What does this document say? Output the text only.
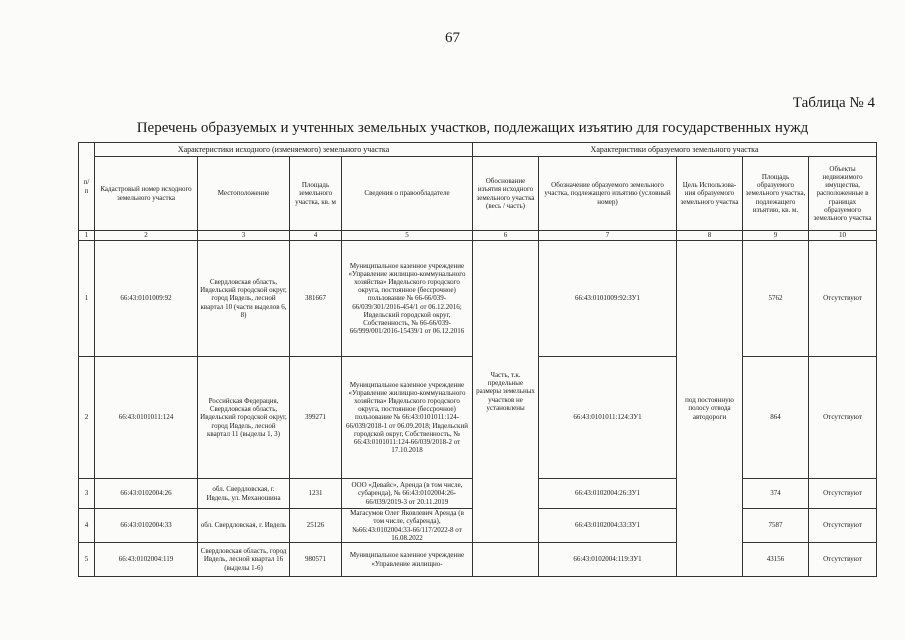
67
Таблица № 4
Перечень образуемых и учтенных земельных участков, подлежащих изъятию для государственных нужд
п/
п	Характеристики исходного (изменяемого) земельного участка				Характеристики образуемого земельного участка				
	Кадастровый номер исходного земельного участка	Местоположение	Площадь земельного участка, кв. м	Сведения о правообладателе	Обоснование изъятия исходного земельного участка (весь / часть)	Обозначение образуемого земельного участка, подлежащего изъятию (условный номер)	Цель Использова- ния образуемого земельного участка	Площадь образуемого земельного участка, подлежащего изъятию, кв. м.	Объекты недвижимого имущества, расположенные в границах образуемого земельного участка
1	2	3	4	5	6	7	8	9	10
1	66:43:0101009:92	Свердловская область, Ивдельский городской округ, город Ивдель, лесной квартал 10 (части выделов 6, 8)	381667	Муниципальное казенное учреждение «Управление жилищно-коммунального хозяйства» Ивдельского городского округа, постоянное (бессрочное) пользование № 66-66/039-66/039/301/2016-454/1 от 06.12.2016; Ивдельский городской округ, Собственность, № 66-66/039-66/999/001/2016-15439/1 от 06.12.2016	Часть, т.к. предельные размеры земельных участков не установлены	66:43:0101009:92:ЗУ1	под постоянную полосу отвода автодороги	5762	Отсутствуют
2	66:43:0101011:124	Российская Федерация, Свердловская область, Ивдельский городской округ, город Ивдель, лесной квартал 11 (выделы 1, 3)	399271	Муниципальное казенное учреждение «Управление жилищно-коммунального хозяйства» Ивдельского городского округа, постоянное (бессрочное) пользование № 66:43:0101011:124-66/039/2018-1 от 06.09.2018; Ивдельский городской округ, Собственность, № 66:43:0101011:124-66/039/2018-2 от 17.10.2018		66:43:0101011:124:ЗУ1		864	Отсутствуют
3	66:43:0102004:26	обл. Свердловская, г. Ивдель, ул. Механошина	1231	ООО «Девайс», Аренда (в том числе, субаренда), № 66:43:0102004:26-66/039/2019-3 от 20.11.2019		66:43:0102004:26:ЗУ1		374	Отсутствуют
4	66:43:0102004:33	обл. Свердловская, г. Ивдель	25126	Магасумов Олег Яковлевич Аренда (в том числе, субаренда), №66:43:0102004:33-66/117/2022-8 от 16.08.2022		66:43:0102004:33:ЗУ1		7587	Отсутствуют
5	66:43:0102004:119	Свердловская область, город Ивдель, лесной квартал 16 (выделы 1-6)	980571	Муниципальное казенное учреждение «Управление жилищно-		66:43:0102004:119:ЗУ1		43156	Отсутствуют
